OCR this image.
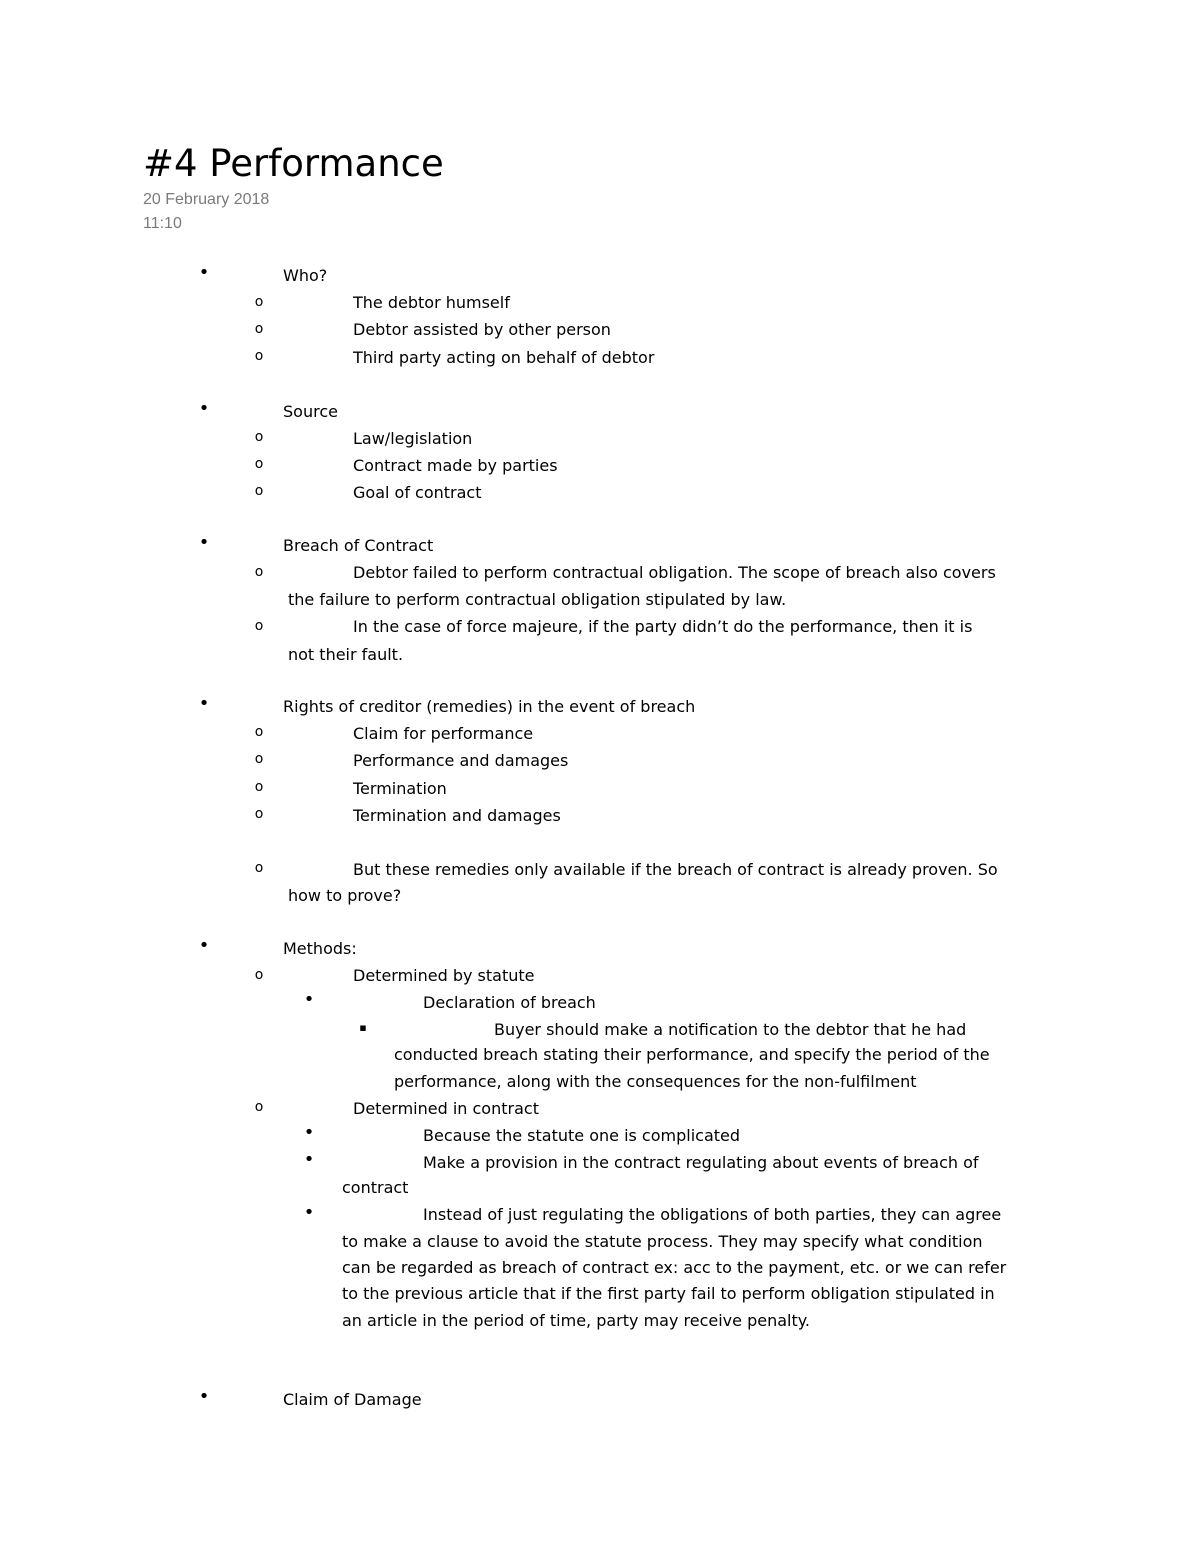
#4 Performance
20 February 2018
11:10
•	Who?
o	The debtor humself
o	Debtor assisted by other person
o	Third party acting on behalf of debtor
•	Source
o	Law/legislation
o	Contract made by parties
o	Goal of contract
•	Breach of Contract
o	Debtor failed to perform contractual obligation. The scope of breach also covers
the failure to perform contractual obligation stipulated by law.
o	In the case of force majeure, if the party didn’t do the performance, then it is
not their fault.
•	Rights of creditor (remedies) in the event of breach
o	Claim for performance
o	Performance and damages
o	Termination
o	Termination and damages
o	But these remedies only available if the breach of contract is already proven. So
how to prove?
•	Methods:
o	Determined by statute
•	Declaration of breach
▪	Buyer should make a notification to the debtor that he had
conducted breach stating their performance, and specify the period of the
performance, along with the consequences for the non-fulfilment
o	Determined in contract
•	Because the statute one is complicated
•	Make a provision in the contract regulating about events of breach of
contract
•	Instead of just regulating the obligations of both parties, they can agree
to make a clause to avoid the statute process. They may specify what condition
can be regarded as breach of contract ex: acc to the payment, etc. or we can refer
to the previous article that if the first party fail to perform obligation stipulated in
an article in the period of time, party may receive penalty.
•	Claim of Damage
